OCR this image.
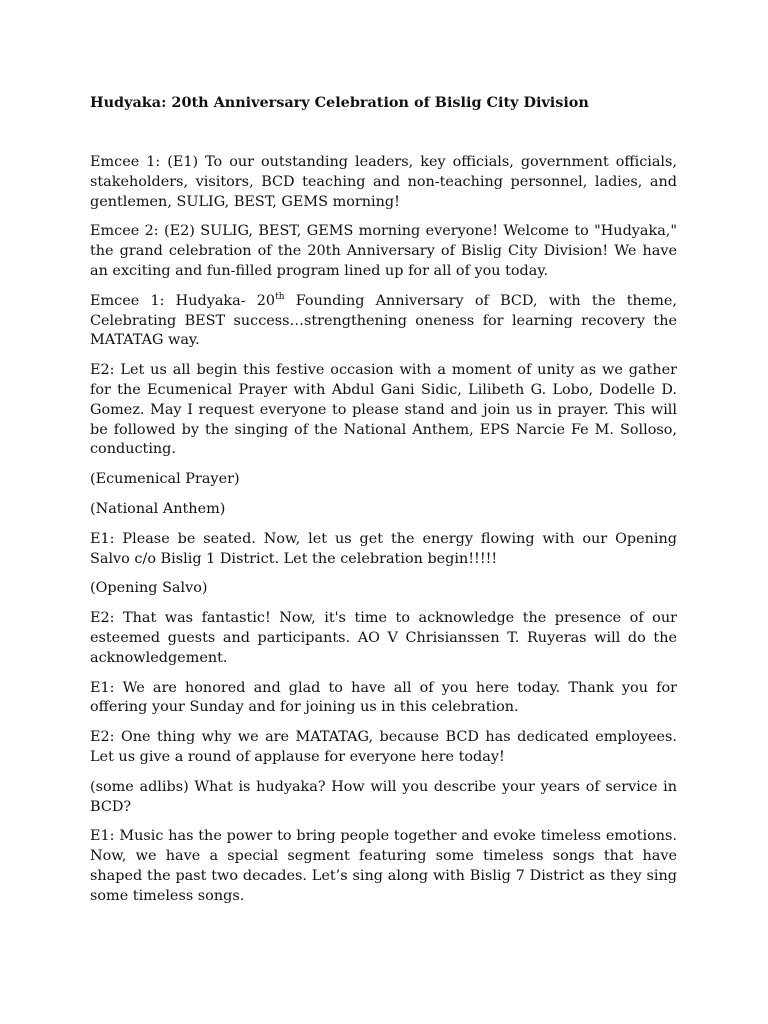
Hudyaka: 20th Anniversary Celebration of Bislig City Division

Emcee 1: (E1) To our outstanding leaders, key officials, government officials, stakeholders, visitors, BCD teaching and non-teaching personnel, ladies, and gentlemen, SULIG, BEST, GEMS morning!

Emcee 2: (E2) SULIG, BEST, GEMS morning everyone! Welcome to "Hudyaka," the grand celebration of the 20th Anniversary of Bislig City Division! We have an exciting and fun-filled program lined up for all of you today.

Emcee 1: Hudyaka- 20th Founding Anniversary of BCD, with the theme, Celebrating BEST success…strengthening oneness for learning recovery the MATATAG way.

E2: Let us all begin this festive occasion with a moment of unity as we gather for the Ecumenical Prayer with Abdul Gani Sidic, Lilibeth G. Lobo, Dodelle D. Gomez. May I request everyone to please stand and join us in prayer. This will be followed by the singing of the National Anthem, EPS Narcie Fe M. Solloso, conducting.

(Ecumenical Prayer)

(National Anthem)

E1: Please be seated. Now, let us get the energy flowing with our Opening Salvo c/o Bislig 1 District. Let the celebration begin!!!!!

(Opening Salvo)

E2: That was fantastic! Now, it's time to acknowledge the presence of our esteemed guests and participants. AO V Chrisianssen T. Ruyeras will do the acknowledgement.

E1: We are honored and glad to have all of you here today. Thank you for offering your Sunday and for joining us in this celebration.

E2: One thing why we are MATATAG, because BCD has dedicated employees. Let us give a round of applause for everyone here today!

(some adlibs) What is hudyaka? How will you describe your years of service in BCD?

E1: Music has the power to bring people together and evoke timeless emotions. Now, we have a special segment featuring some timeless songs that have shaped the past two decades. Let’s sing along with Bislig 7 District as they sing some timeless songs.
